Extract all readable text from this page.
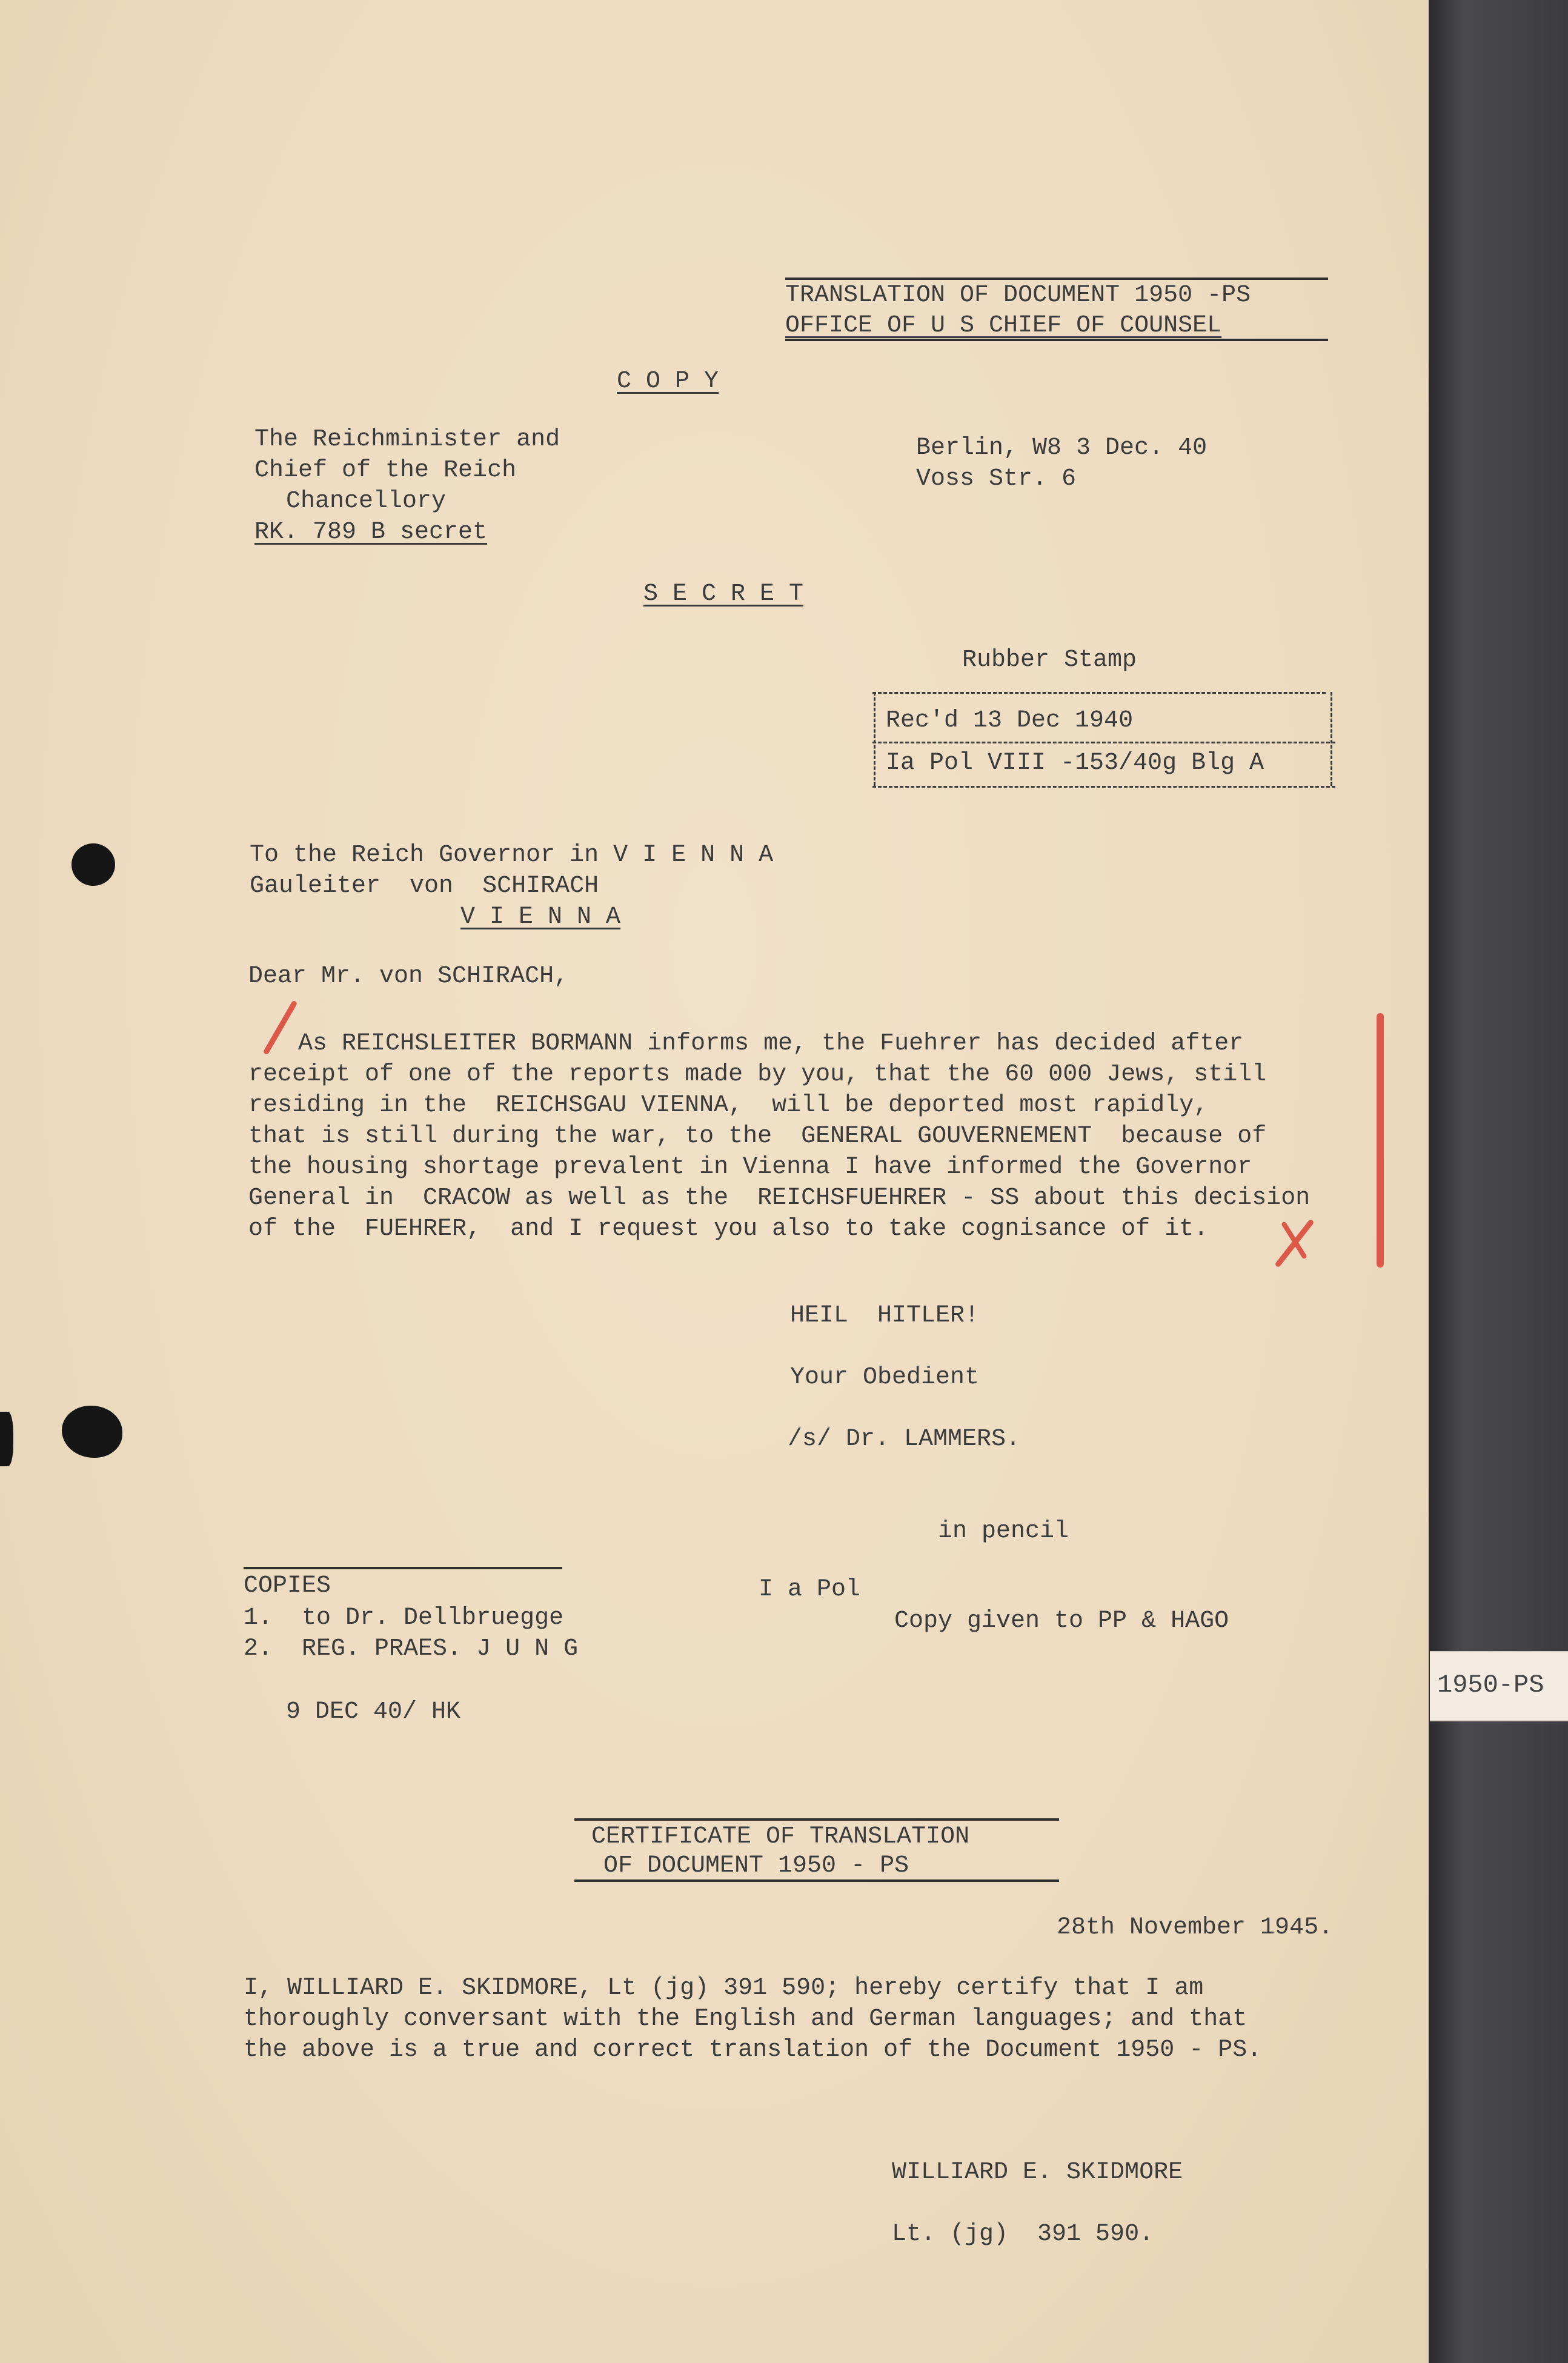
TRANSLATION OF DOCUMENT 1950 -PS

OFFICE OF U S CHIEF OF COUNSEL

C O P Y

The Reichminister and

Chief of the Reich

Chancellory

RK. 789 B secret

Berlin, W8 3 Dec. 40

Voss Str. 6

S E C R E T

Rubber Stamp

Rec'd 13 Dec 1940

Ia Pol VIII -153/40g Blg A

To the Reich Governor in V I E N N A

Gauleiter  von  SCHIRACH

V I E N N A

Dear Mr. von SCHIRACH,

As REICHSLEITER BORMANN informs me, the Fuehrer has decided after

receipt of one of the reports made by you, that the 60 000 Jews, still

residing in the  REICHSGAU VIENNA,  will be deported most rapidly,

that is still during the war, to the  GENERAL GOUVERNEMENT  because of

the housing shortage prevalent in Vienna I have informed the Governor

General in  CRACOW as well as the  REICHSFUEHRER - SS about this decision

of the  FUEHRER,  and I request you also to take cognisance of it.

HEIL  HITLER!

Your Obedient

/s/ Dr. LAMMERS.

in pencil

COPIES	I a Pol

1.  to Dr. Dellbruegge	Copy given to PP & HAGO

2.  REG. PRAES. J U N G

9 DEC 40/ HK

1950-PS

CERTIFICATE OF TRANSLATION

OF DOCUMENT 1950 - PS

28th November 1945.

I, WILLIARD E. SKIDMORE, Lt (jg) 391 590; hereby certify that I am

thoroughly conversant with the English and German languages; and that

the above is a true and correct translation of the Document 1950 - PS.

WILLIARD E. SKIDMORE

Lt. (jg)  391 590.
